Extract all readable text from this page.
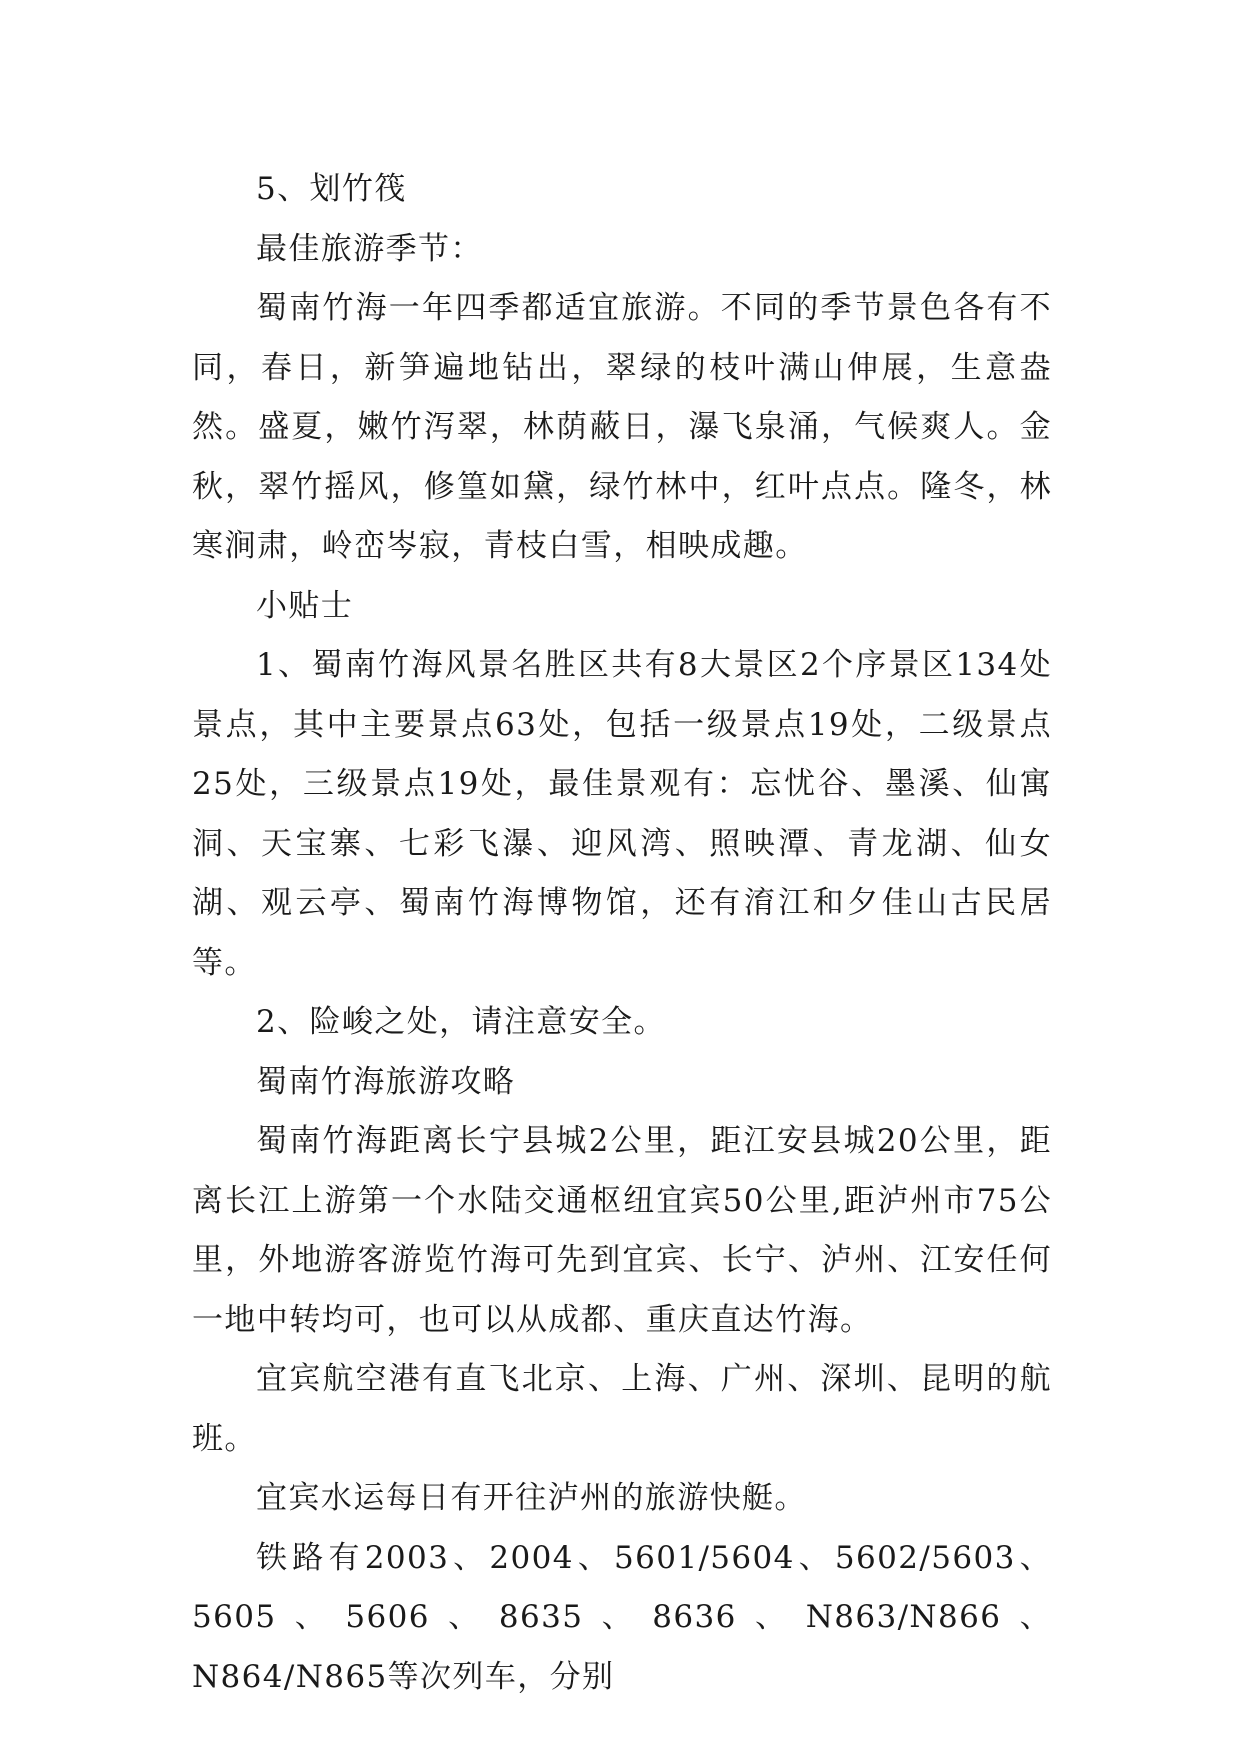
5、划竹筏

最佳旅游季节：

蜀南竹海一年四季都适宜旅游。不同的季节景色各有不同，春日，新笋遍地钻出，翠绿的枝叶满山伸展，生意盎然。盛夏，嫩竹泻翠，林荫蔽日，瀑飞泉涌，气候爽人。金秋，翠竹摇风，修篁如黛，绿竹林中，红叶点点。隆冬，林寒涧肃，岭峦岑寂，青枝白雪，相映成趣。

小贴士

1、蜀南竹海风景名胜区共有8大景区2个序景区134处景点，其中主要景点63处，包括一级景点19处，二级景点25处，三级景点19处，最佳景观有：忘忧谷、墨溪、仙寓洞、天宝寨、七彩飞瀑、迎风湾、照映潭、青龙湖、仙女湖、观云亭、蜀南竹海博物馆，还有淯江和夕佳山古民居等。

2、险峻之处，请注意安全。

蜀南竹海旅游攻略

蜀南竹海距离长宁县城2公里，距江安县城20公里，距离长江上游第一个水陆交通枢纽宜宾50公里,距泸州市75公里，外地游客游览竹海可先到宜宾、长宁、泸州、江安任何一地中转均可，也可以从成都、重庆直达竹海。

宜宾航空港有直飞北京、上海、广州、深圳、昆明的航班。

宜宾水运每日有开往泸州的旅游快艇。

铁路有2003、2004、5601/5604、5602/5603、5605、5606、8635、8636、N863/N866、N864/N865等次列车，分别
